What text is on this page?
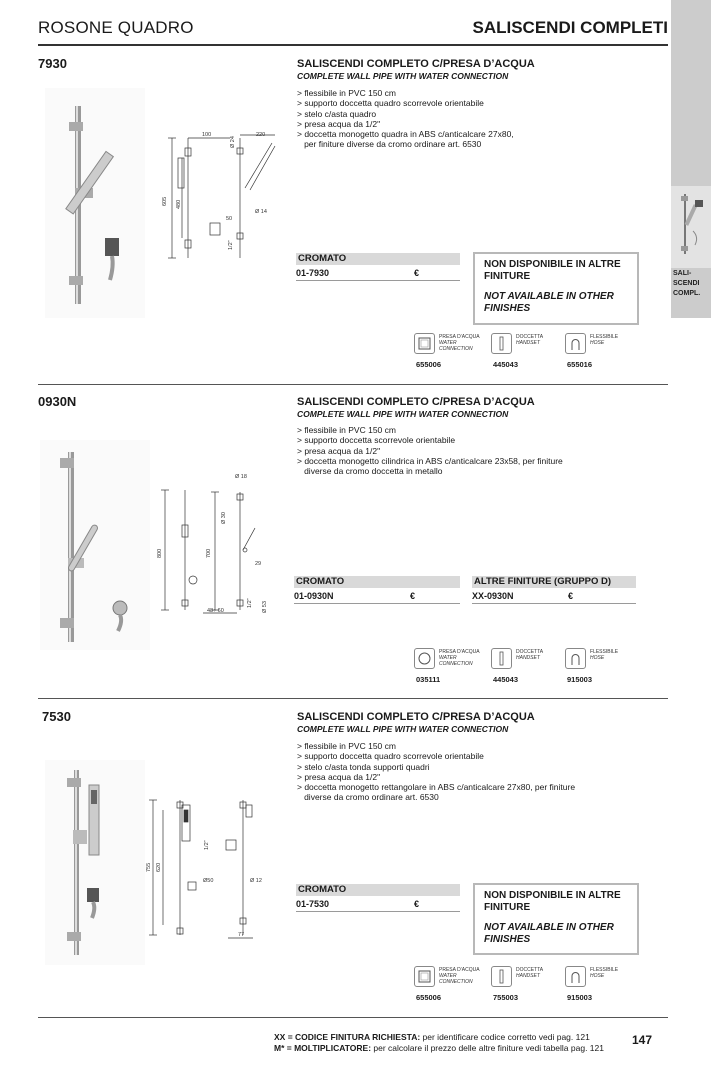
ROSONE QUADRO	SALISCENDI COMPLETI
SALI-
SCENDI
COMPL.
7930
100
605 480
50
1/2"
220
Ø 24
Ø 14
SALISCENDI COMPLETO C/PRESA D’ACQUA
COMPLETE WALL PIPE WITH WATER CONNECTION
> flessibile in PVC 150 cm
> supporto doccetta quadro scorrevole orientabile
> stelo c/asta quadro
> presa acqua da 1/2"
> doccetta monogetto quadra in ABS c/anticalcare 27x80,
per finiture diverse da cromo ordinare art. 6530
CROMATO
01-7930	€
NON DISPONIBILE IN ALTRE FINITURE
NOT AVAILABLE IN OTHER FINISHES
PRESA D’ACQUA
WATER
CONNECTION
655006
DOCCETTA
HANDSET
445043
FLESSIBILE
HOSE
655016
0930N
800	700
Ø 18
Ø 30
48÷ 60
1/2" Ø 53
29
SALISCENDI COMPLETO C/PRESA D’ACQUA
COMPLETE WALL PIPE WITH WATER CONNECTION
> flessibile in PVC 150 cm
> supporto doccetta scorrevole orientabile
> presa acqua da 1/2"
> doccetta monogetto cilindrica in ABS c/anticalcare 23x58, per finiture
diverse da cromo doccetta in metallo
CROMATO
01-0930N	€
ALTRE FINITURE (GRUPPO D)
XX-0930N	€
PRESA D’ACQUA
WATER
CONNECTION
035111
DOCCETTA
HANDSET
445043
FLESSIBILE
HOSE
915003
7530
755 620
Ø50
1/2"
Ø 12
77
SALISCENDI COMPLETO C/PRESA D’ACQUA
COMPLETE WALL PIPE WITH WATER CONNECTION
> flessibile in PVC 150 cm
> supporto doccetta quadro scorrevole orientabile
> stelo c/asta tonda supporti quadri
> presa acqua da 1/2"
> doccetta monogetto rettangolare in ABS c/anticalcare 27x80, per finiture
diverse da cromo ordinare art. 6530
CROMATO
01-7530	€
NON DISPONIBILE IN ALTRE FINITURE
NOT AVAILABLE IN OTHER FINISHES
PRESA D’ACQUA
WATER
CONNECTION
655006
DOCCETTA
HANDSET
755003
FLESSIBILE
HOSE
915003
XX = CODICE FINITURA RICHIESTA: per identificare codice corretto vedi pag. 121
M* = MOLTIPLICATORE: per calcolare il prezzo delle altre finiture vedi tabella pag. 121
147
